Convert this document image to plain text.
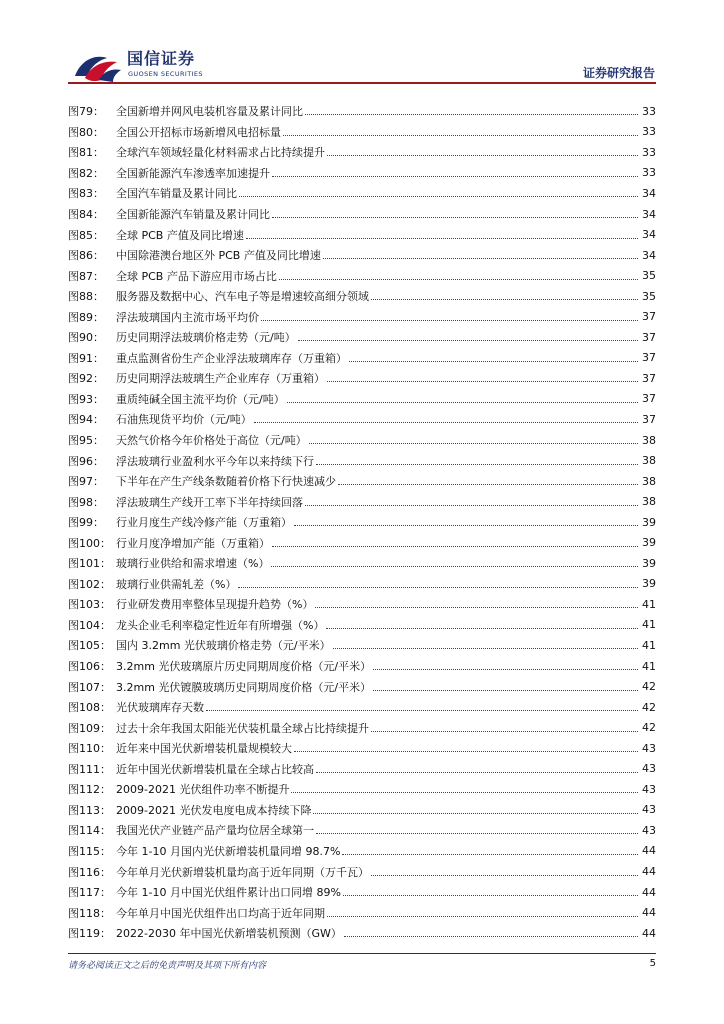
国信证券
GUOSEN SECURITIES	证券研究报告
图79：	全国新增并网风电装机容量及累计同比	33
图80：	全国公开招标市场新增风电招标量	33
图81：	全球汽车领域轻量化材料需求占比持续提升	33
图82：	全国新能源汽车渗透率加速提升	33
图83：	全国汽车销量及累计同比	34
图84：	全国新能源汽车销量及累计同比	34
图85：	全球 PCB 产值及同比增速	34
图86：	中国除港澳台地区外 PCB 产值及同比增速	34
图87：	全球 PCB 产品下游应用市场占比	35
图88：	服务器及数据中心、汽车电子等是增速较高细分领域	35
图89：	浮法玻璃国内主流市场平均价	37
图90：	历史同期浮法玻璃价格走势（元/吨）	37
图91：	重点监测省份生产企业浮法玻璃库存（万重箱）	37
图92：	历史同期浮法玻璃生产企业库存（万重箱）	37
图93：	重质纯碱全国主流平均价（元/吨）	37
图94：	石油焦现货平均价（元/吨）	37
图95：	天然气价格今年价格处于高位（元/吨）	38
图96：	浮法玻璃行业盈利水平今年以来持续下行	38
图97：	下半年在产生产线条数随着价格下行快速减少	38
图98：	浮法玻璃生产线开工率下半年持续回落	38
图99：	行业月度生产线冷修产能（万重箱）	39
图100： 行业月度净增加产能（万重箱）	39
图101： 玻璃行业供给和需求增速（%）	39
图102： 玻璃行业供需轧差（%）	39
图103： 行业研发费用率整体呈现提升趋势（%）	41
图104： 龙头企业毛利率稳定性近年有所增强（%）	41
图105： 国内 3.2mm 光伏玻璃价格走势（元/平米）	41
图106： 3.2mm 光伏玻璃原片历史同期周度价格（元/平米）	41
图107： 3.2mm 光伏镀膜玻璃历史同期周度价格（元/平米）	42
图108： 光伏玻璃库存天数	42
图109： 过去十余年我国太阳能光伏装机量全球占比持续提升	42
图110： 近年来中国光伏新增装机量规模较大	43
图111： 近年中国光伏新增装机量在全球占比较高	43
图112： 2009-2021 光伏组件功率不断提升	43
图113： 2009-2021 光伏发电度电成本持续下降	43
图114： 我国光伏产业链产品产量均位居全球第一	43
图115： 今年 1-10 月国内光伏新增装机量同增 98.7%	44
图116： 今年单月光伏新增装机量均高于近年同期（万千瓦）	44
图117： 今年 1-10 月中国光伏组件累计出口同增 89%	44
图118： 今年单月中国光伏组件出口均高于近年同期	44
图119： 2022-2030 年中国光伏新增装机预测（GW）	44
请务必阅读正文之后的免责声明及其项下所有内容	5
